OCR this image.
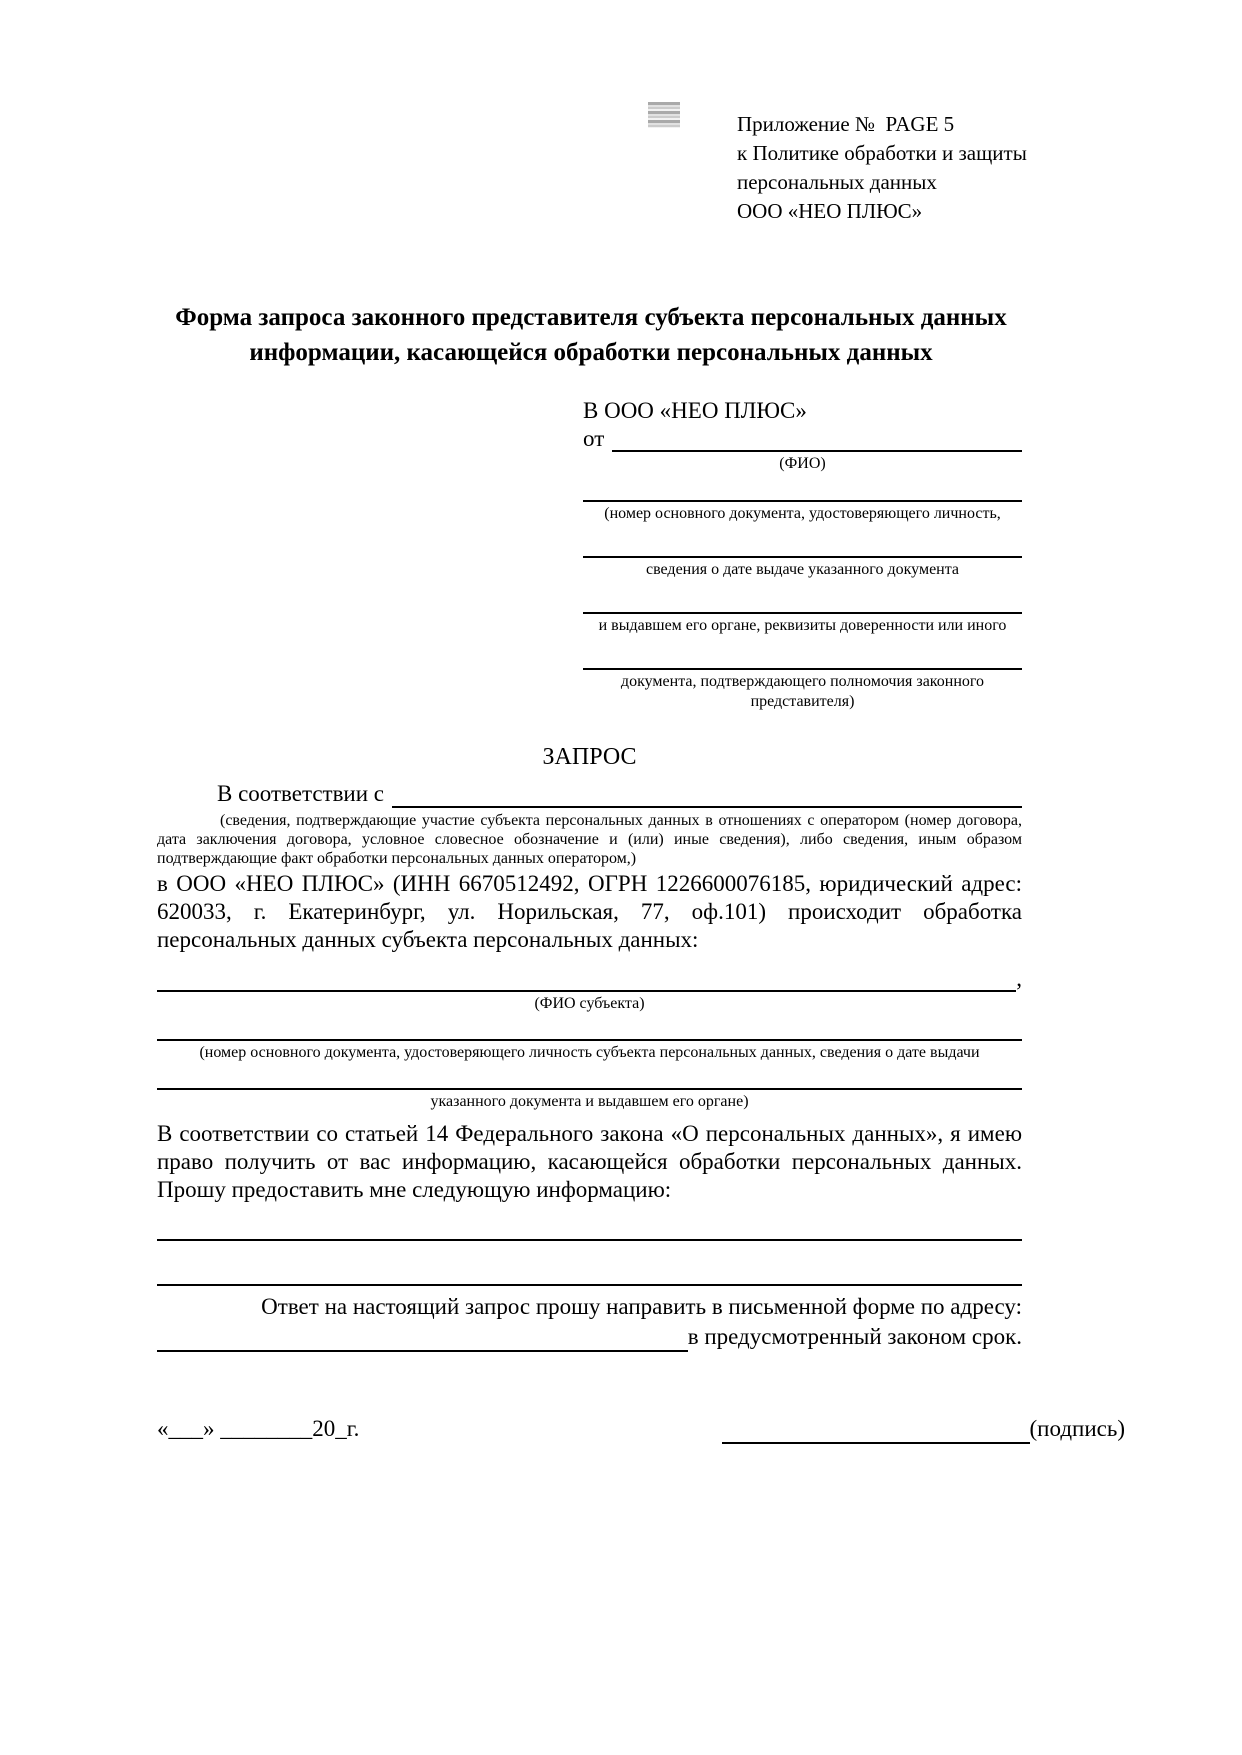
Приложение №  PAGE 5
к Политике обработки и защиты
персональных данных
ООО «НЕО ПЛЮС»
Форма запроса законного представителя субъекта персональных данных информации, касающейся обработки персональных данных
В ООО «НЕО ПЛЮС»
от
(ФИО)
(номер основного документа, удостоверяющего личность,
сведения о дате выдаче указанного документа
и выдавшем его органе, реквизиты доверенности или иного
документа, подтверждающего полномочия законного представителя)
ЗАПРОС
В соответствии с
(сведения, подтверждающие участие субъекта персональных данных в отношениях с оператором (номер договора, дата заключения договора, условное словесное обозначение и (или) иные сведения), либо сведения, иным образом подтверждающие факт обработки персональных данных оператором,)

в ООО «НЕО ПЛЮС» (ИНН 6670512492, ОГРН 1226600076185, юридический адрес: 620033, г. Екатеринбург, ул. Норильская, 77, оф.101) происходит обработка персональных данных субъекта персональных данных:

,
(ФИО субъекта)
(номер основного документа, удостоверяющего личность субъекта персональных данных, сведения о дате выдачи
указанного документа и выдавшем его органе)

В соответствии со статьей 14 Федерального закона «О персональных данных», я имею право получить от вас информацию, касающейся обработки персональных данных. Прошу предоставить мне следующую информацию:

Ответ на настоящий запрос прошу направить в письменной форме по адресу:
в предусмотренный законом срок.
«___» ________20_г.	(подпись)
